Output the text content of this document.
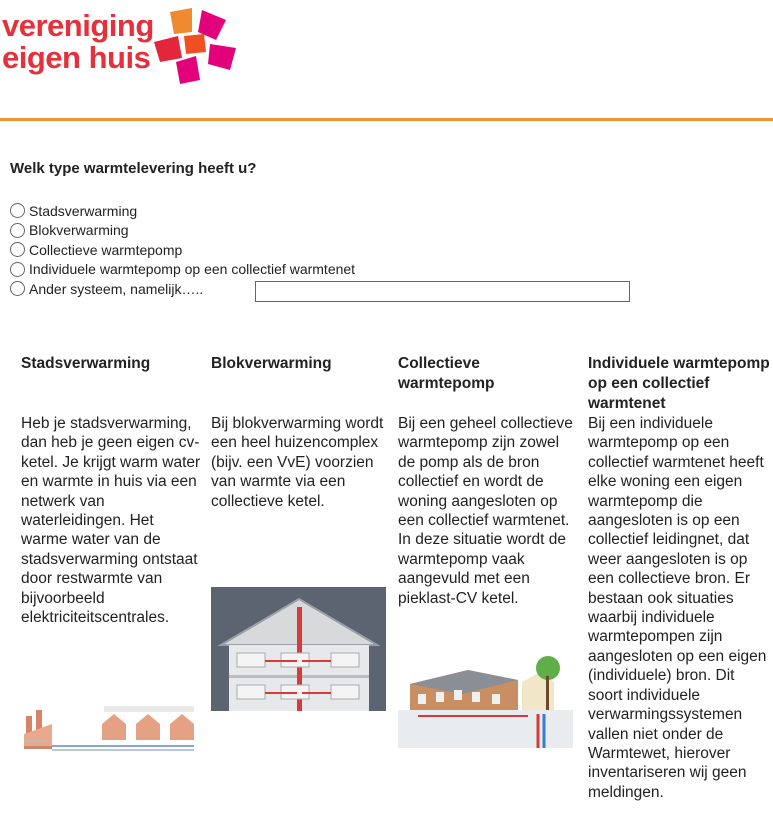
vereniging
eigen huis
Welk type warmtelevering heeft u?
Stadsverwarming
Blokverwarming
Collectieve warmtepomp
Individuele warmtepomp op een collectief warmtenet
Ander systeem, namelijk…..
Stadsverwarming
Heb je stadsverwarming, dan heb je geen eigen cv-ketel. Je krijgt warm water en warmte in huis via een netwerk van waterleidingen. Het warme water van de stadsverwarming ontstaat door restwarmte van bijvoorbeeld elektriciteitscentrales.
Blokverwarming
Bij blokverwarming wordt een heel huizencomplex (bijv. een VvE) voorzien van warmte via een collectieve ketel.
Collectieve warmtepomp
Bij een geheel collectieve warmtepomp zijn zowel de pomp als de bron collectief en wordt de woning aangesloten op een collectief warmtenet. In deze situatie wordt de warmtepomp vaak aangevuld met een pieklast-CV ketel.
Individuele warmtepomp op een collectief warmtenet
Bij een individuele warmtepomp op een collectief warmtenet heeft elke woning een eigen warmtepomp die aangesloten is op een collectief leidingnet, dat weer aangesloten is op een collectieve bron. Er bestaan ook situaties waarbij individuele warmtepompen zijn aangesloten op een eigen (individuele) bron. Dit soort individuele verwarmingssystemen vallen niet onder de Warmtewet, hierover inventariseren wij geen meldingen.
